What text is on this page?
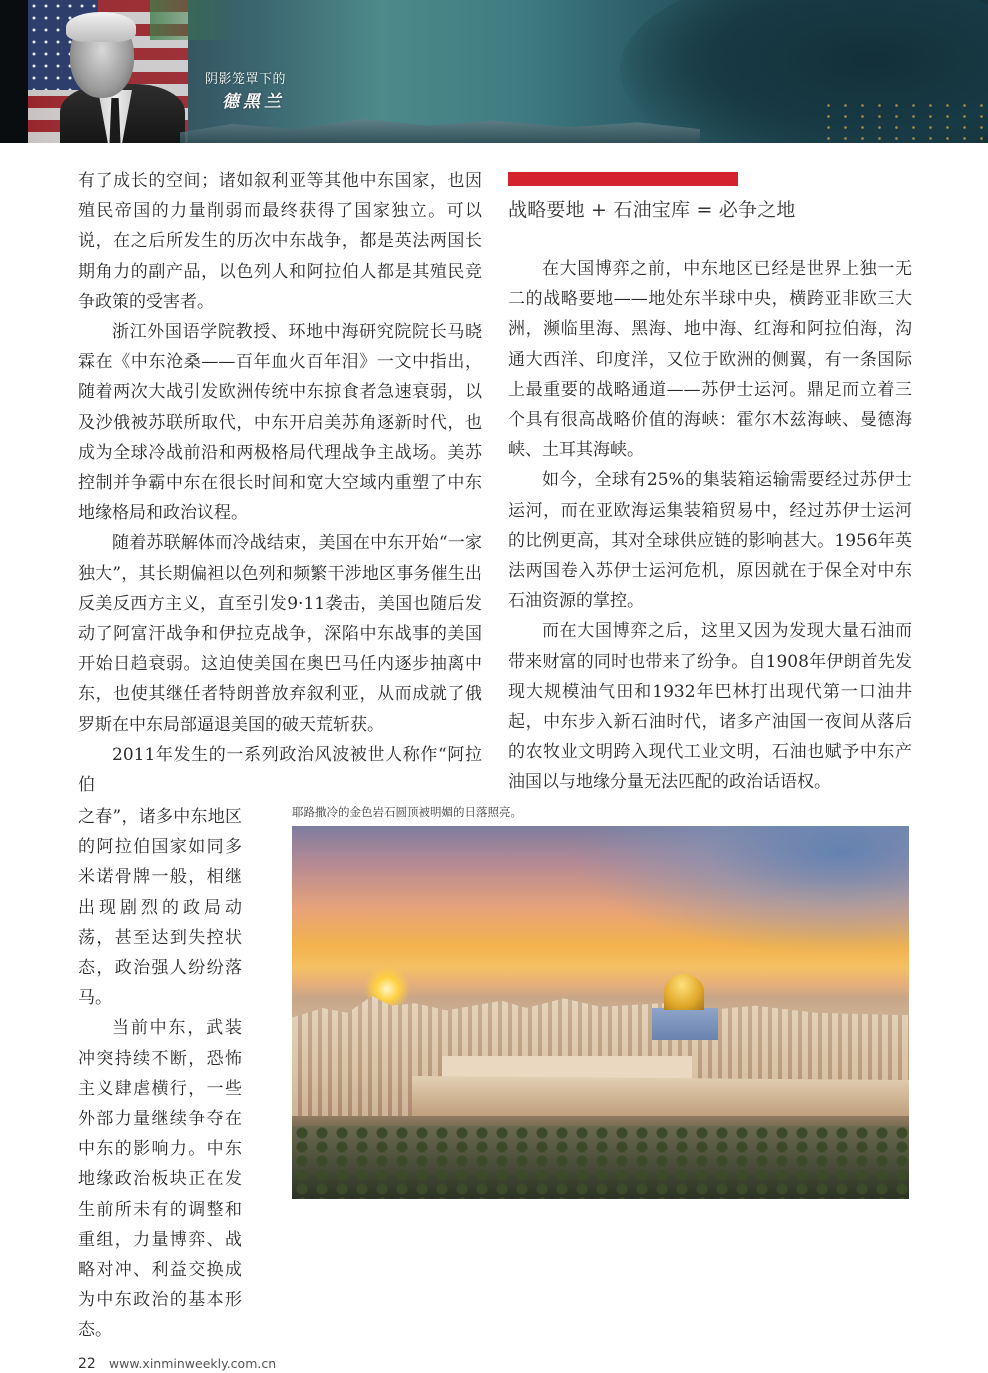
阴影笼罩下的
德黑兰

有了成长的空间；诸如叙利亚等其他中东国家，也因殖民帝国的力量削弱而最终获得了国家独立。可以说，在之后所发生的历次中东战争，都是英法两国长期角力的副产品，以色列人和阿拉伯人都是其殖民竞争政策的受害者。

浙江外国语学院教授、环地中海研究院院长马晓霖在《中东沧桑——百年血火百年泪》一文中指出，随着两次大战引发欧洲传统中东掠食者急速衰弱，以及沙俄被苏联所取代，中东开启美苏角逐新时代，也成为全球冷战前沿和两极格局代理战争主战场。美苏控制并争霸中东在很长时间和宽大空域内重塑了中东地缘格局和政治议程。

随着苏联解体而冷战结束，美国在中东开始“一家独大”，其长期偏袒以色列和频繁干涉地区事务催生出反美反西方主义，直至引发9·11袭击，美国也随后发动了阿富汗战争和伊拉克战争，深陷中东战事的美国开始日趋衰弱。这迫使美国在奥巴马任内逐步抽离中东，也使其继任者特朗普放弃叙利亚，从而成就了俄罗斯在中东局部逼退美国的破天荒斩获。

2011年发生的一系列政治风波被世人称作“阿拉伯

之春”，诸多中东地区的阿拉伯国家如同多米诺骨牌一般，相继出现剧烈的政局动荡，甚至达到失控状态，政治强人纷纷落马。

当前中东，武装冲突持续不断，恐怖主义肆虐横行，一些外部力量继续争夺在中东的影响力。中东地缘政治板块正在发生前所未有的调整和重组，力量博弈、战略对冲、利益交换成为中东政治的基本形态。

战略要地 + 石油宝库 = 必争之地

在大国博弈之前，中东地区已经是世界上独一无二的战略要地——地处东半球中央，横跨亚非欧三大洲，濒临里海、黑海、地中海、红海和阿拉伯海，沟通大西洋、印度洋，又位于欧洲的侧翼，有一条国际上最重要的战略通道——苏伊士运河。鼎足而立着三个具有很高战略价值的海峡：霍尔木兹海峡、曼德海峡、土耳其海峡。

如今，全球有25%的集装箱运输需要经过苏伊士运河，而在亚欧海运集装箱贸易中，经过苏伊士运河的比例更高，其对全球供应链的影响甚大。1956年英法两国卷入苏伊士运河危机，原因就在于保全对中东石油资源的掌控。

而在大国博弈之后，这里又因为发现大量石油而带来财富的同时也带来了纷争。自1908年伊朗首先发现大规模油气田和1932年巴林打出现代第一口油井起，中东步入新石油时代，诸多产油国一夜间从落后的农牧业文明跨入现代工业文明，石油也赋予中东产油国以与地缘分量无法匹配的政治话语权。

耶路撒冷的金色岩石圆顶被明媚的日落照亮。
22 www.xinminweekly.com.cn
